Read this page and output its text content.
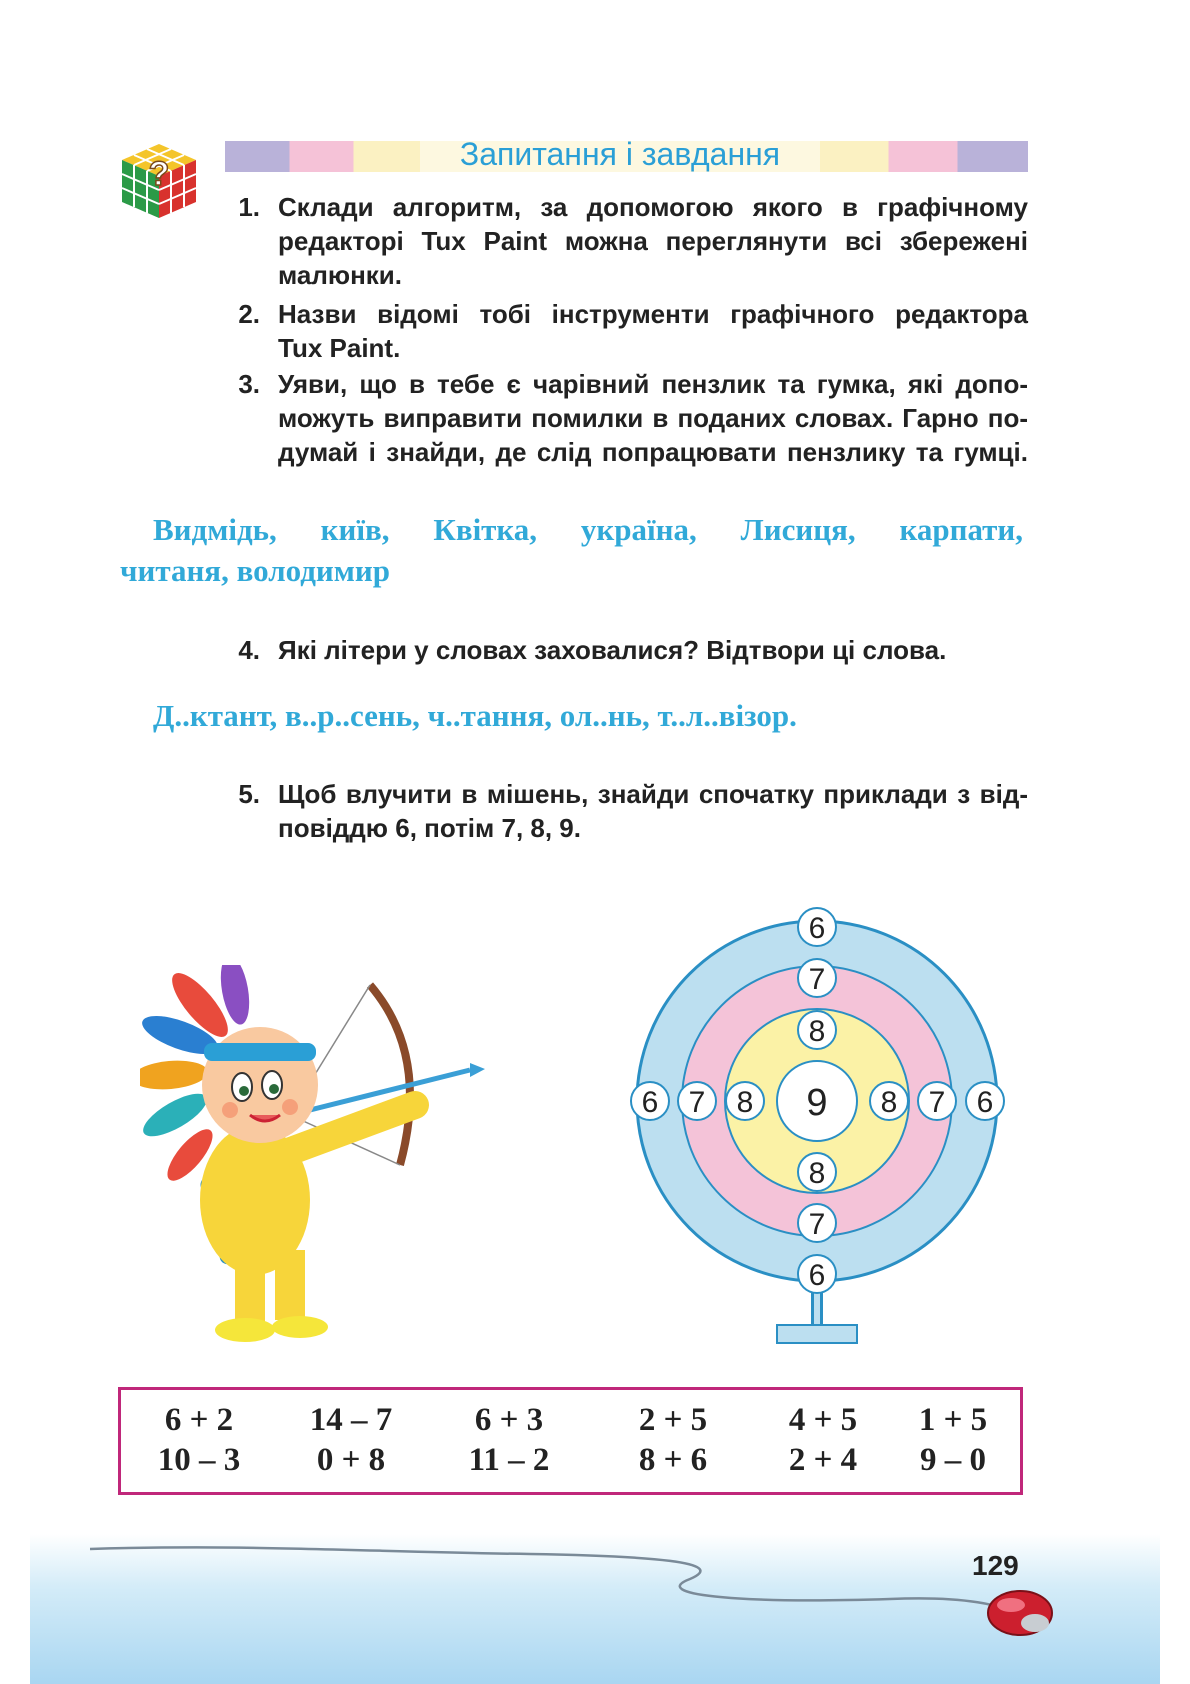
?
Запитання і завдання
1. Склади алгоритм, за допомогою якого в графічному
редакторі Tux Paint можна переглянути всі збережені
малюнки.
2. Назви відомі тобі інструменти графічного редактора
Tux Paint.
3. Уяви, що в тебе є чарівний пензлик та гумка, які допо-
можуть виправити помилки в поданих словах. Гарно по-
думай і знайди, де слід попрацювати пензлику та гумці.
Видмідь, київ, Квітка, україна, Лисиця, карпати,
читаня, володимир
4. Які літери у словах заховалися? Відтвори ці слова.
Д..ктант, в..р..сень, ч..тання, ол..нь, т..л..візор.
5. Щоб влучити в мішень, знайди спочатку приклади з від-
повіддю 6, потім 7, 8, 9.
6
7
8
9
6 7 8	8 7 6
8
7
6
6 + 2
10 – 3
14 – 7
0 + 8
6 + 3
11 – 2
2 + 5
8 + 6
4 + 5
2 + 4
1 + 5
9 – 0
129
